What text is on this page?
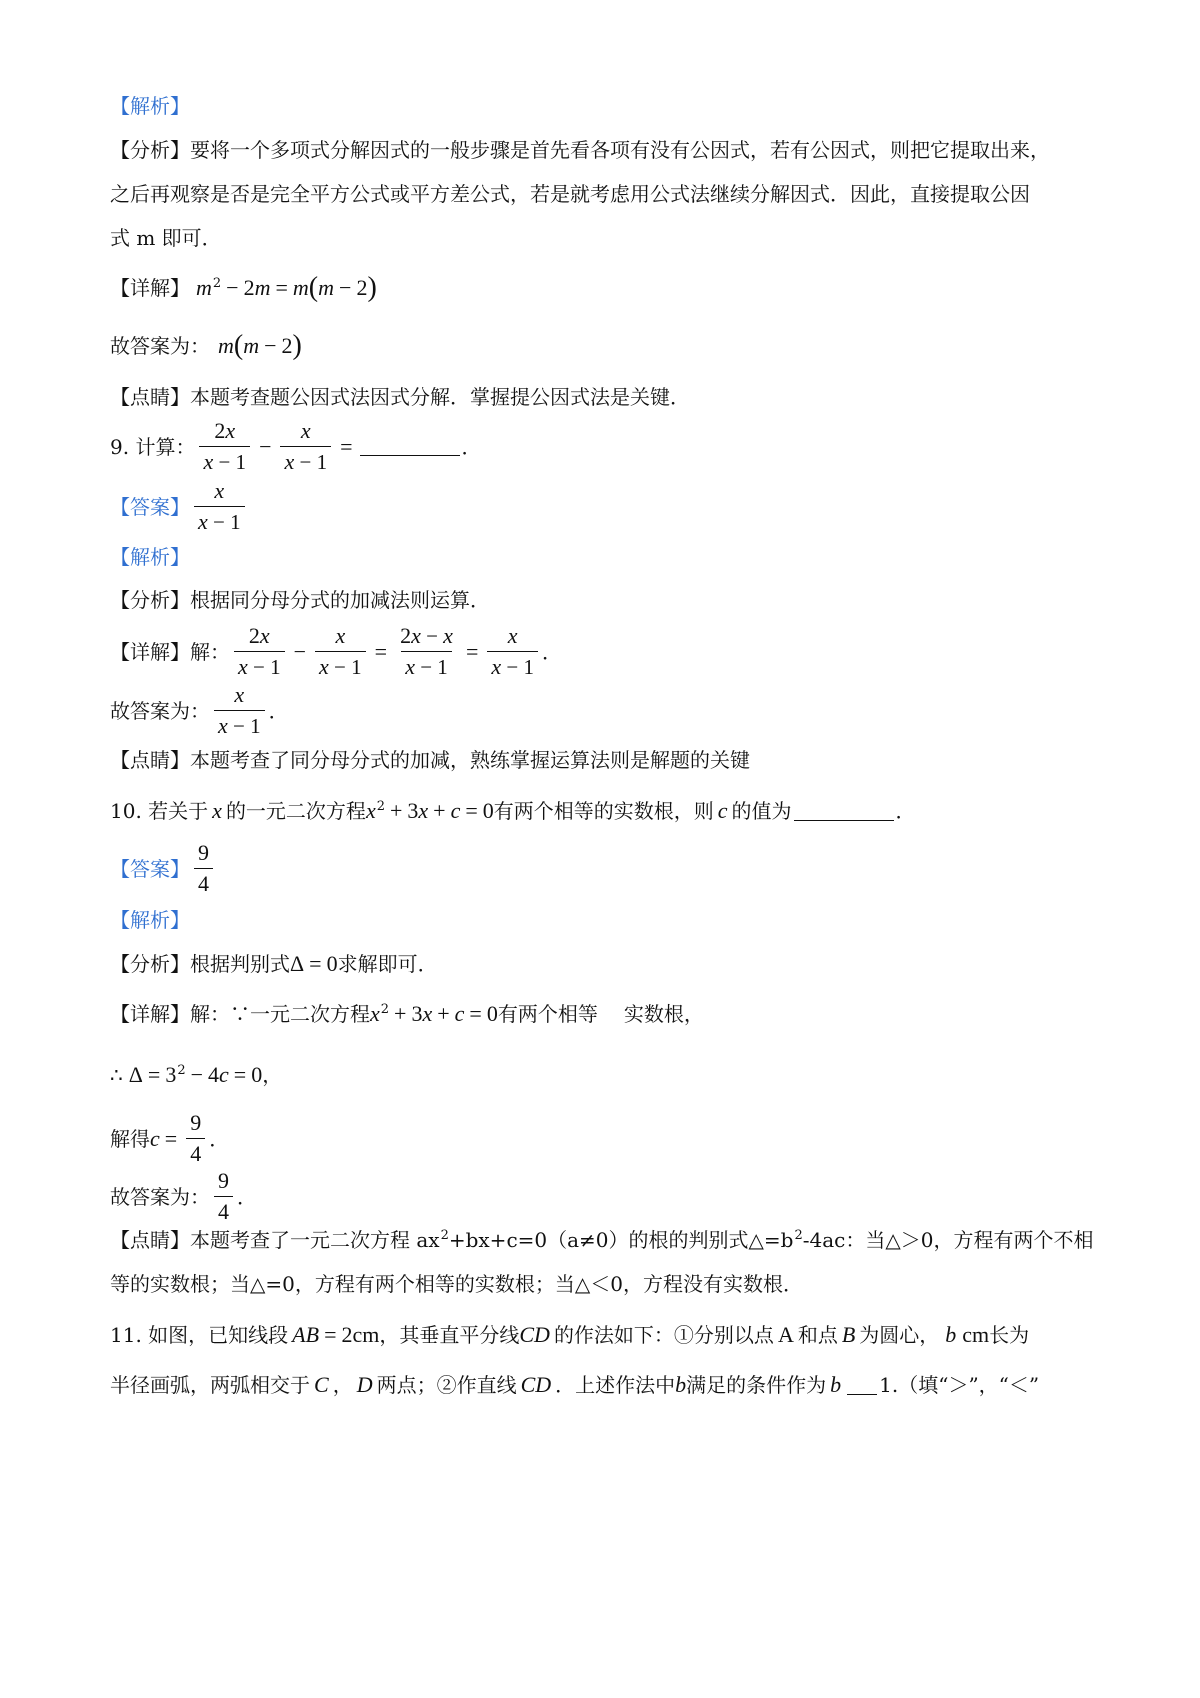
【解析】
【分析】 要将一个多项式分解因式的一般步骤是首先看各项有没有公因式，若有公因式，则把它提取出来，
之后再观察是否是完全平方公式或平方差公式，若是就考虑用公式法继续分解因式．因此，直接提取公因
式 m 即可．
【详解】 $m^2 - 2$ m = m ( m − 2 )
故答案为： m ( m − 2 )
【点睛】 本题考查题公因式法因式分解．掌握提公因式法是关键．
9. 计算： $\frac{2x}{x - 1} - \frac{x}{x - 1}$ =	．
【答案】 $\frac{x}{x - 1}$
【解析】
【分析】 根据同分母分式的加减法则运算．
【详解】 解： $\frac{2x}{x - 1} - \frac{x}{x - 1} = \frac{2x - x}{x - 1} = \frac{x}{x - 1}$ ．
故答案为： $\frac{x}{x - 1}$ ．
【点睛】 本题考查了同分母分式的加减，熟练掌握运算法则是解题的关键
10. 若关于 x 的一元二次方程 $x^2 + 3$ x + c = 0 有两个相等的实数根，则 c 的值为	．
【答案】 $\frac{9}{4}$
【解析】
【分析】 根据判别式 Δ = 0 求解即可．
【详解】 解：∵一元二次方程 $x^2 + 3$ x + c = 0 有两个相等 实数根，
∴ $\Delta = 3^2 - 4$ c = 0 ，
解得 $c = \frac{9}{4}$ ．
故答案为： $\frac{9}{4}$ ．
【点睛】 本题考查了一元二次方程 $ax^2 +bx+c=0(a\ne 0)$的根的判别式$\triangle=b^2$ -4ac：当△＞0，方程有两个不相
等的实数根；当△=0，方程有两个相等的实数根；当△＜0，方程没有实数根．
11. 如图，已知线段 AB = 2cm ，其垂直平分线 CD 的作法如下：①分别以点 A 和点 B 为圆心， b cm 长为
半径画弧，两弧相交于 C ， D 两点；②作直线 CD ．上述作法中 b 满足的条件作为 b 1.（填“＞”，“＜”
